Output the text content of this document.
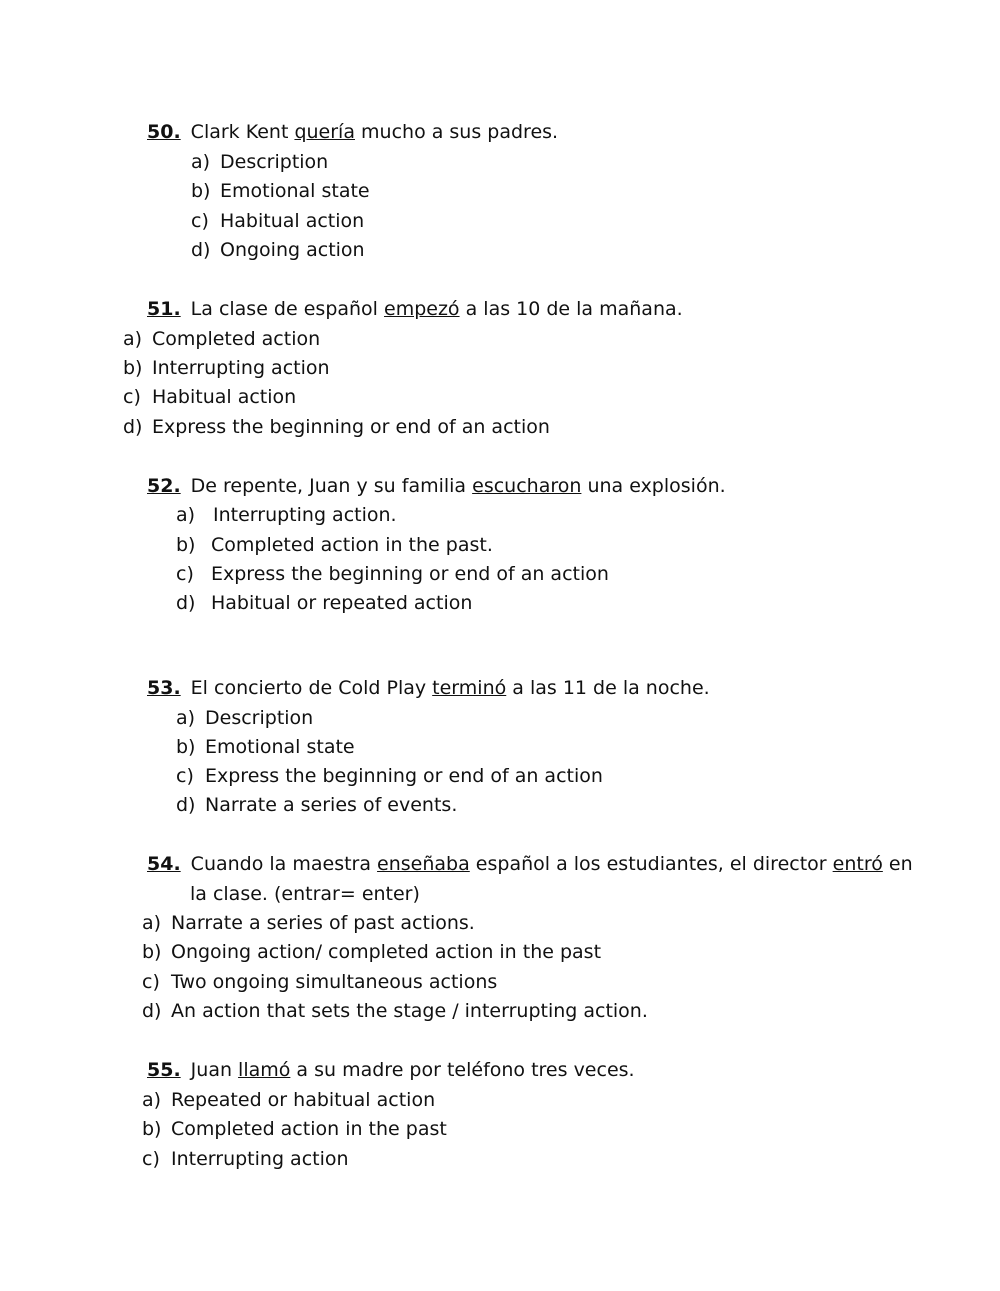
50. Clark Kent quería mucho a sus padres.
a) Description
b) Emotional state
c) Habitual action
d) Ongoing action
51. La clase de español empezó a las 10 de la mañana.
a) Completed action
b) Interrupting action
c) Habitual action
d) Express the beginning or end of an action
52. De repente, Juan y su familia escucharon una explosión.
a) Interrupting action.
b) Completed action in the past.
c) Express the beginning or end of an action
d) Habitual or repeated action
53. El concierto de Cold Play terminó a las 11 de la noche.
a) Description
b) Emotional state
c) Express the beginning or end of an action
d) Narrate a series of events.
54. Cuando la maestra enseñaba español a los estudiantes, el director entró en
la clase. (entrar= enter)
a) Narrate a series of past actions.
b) Ongoing action/ completed action in the past
c) Two ongoing simultaneous actions
d) An action that sets the stage / interrupting action.
55. Juan llamó a su madre por teléfono tres veces.
a) Repeated or habitual action
b) Completed action in the past
c) Interrupting action
